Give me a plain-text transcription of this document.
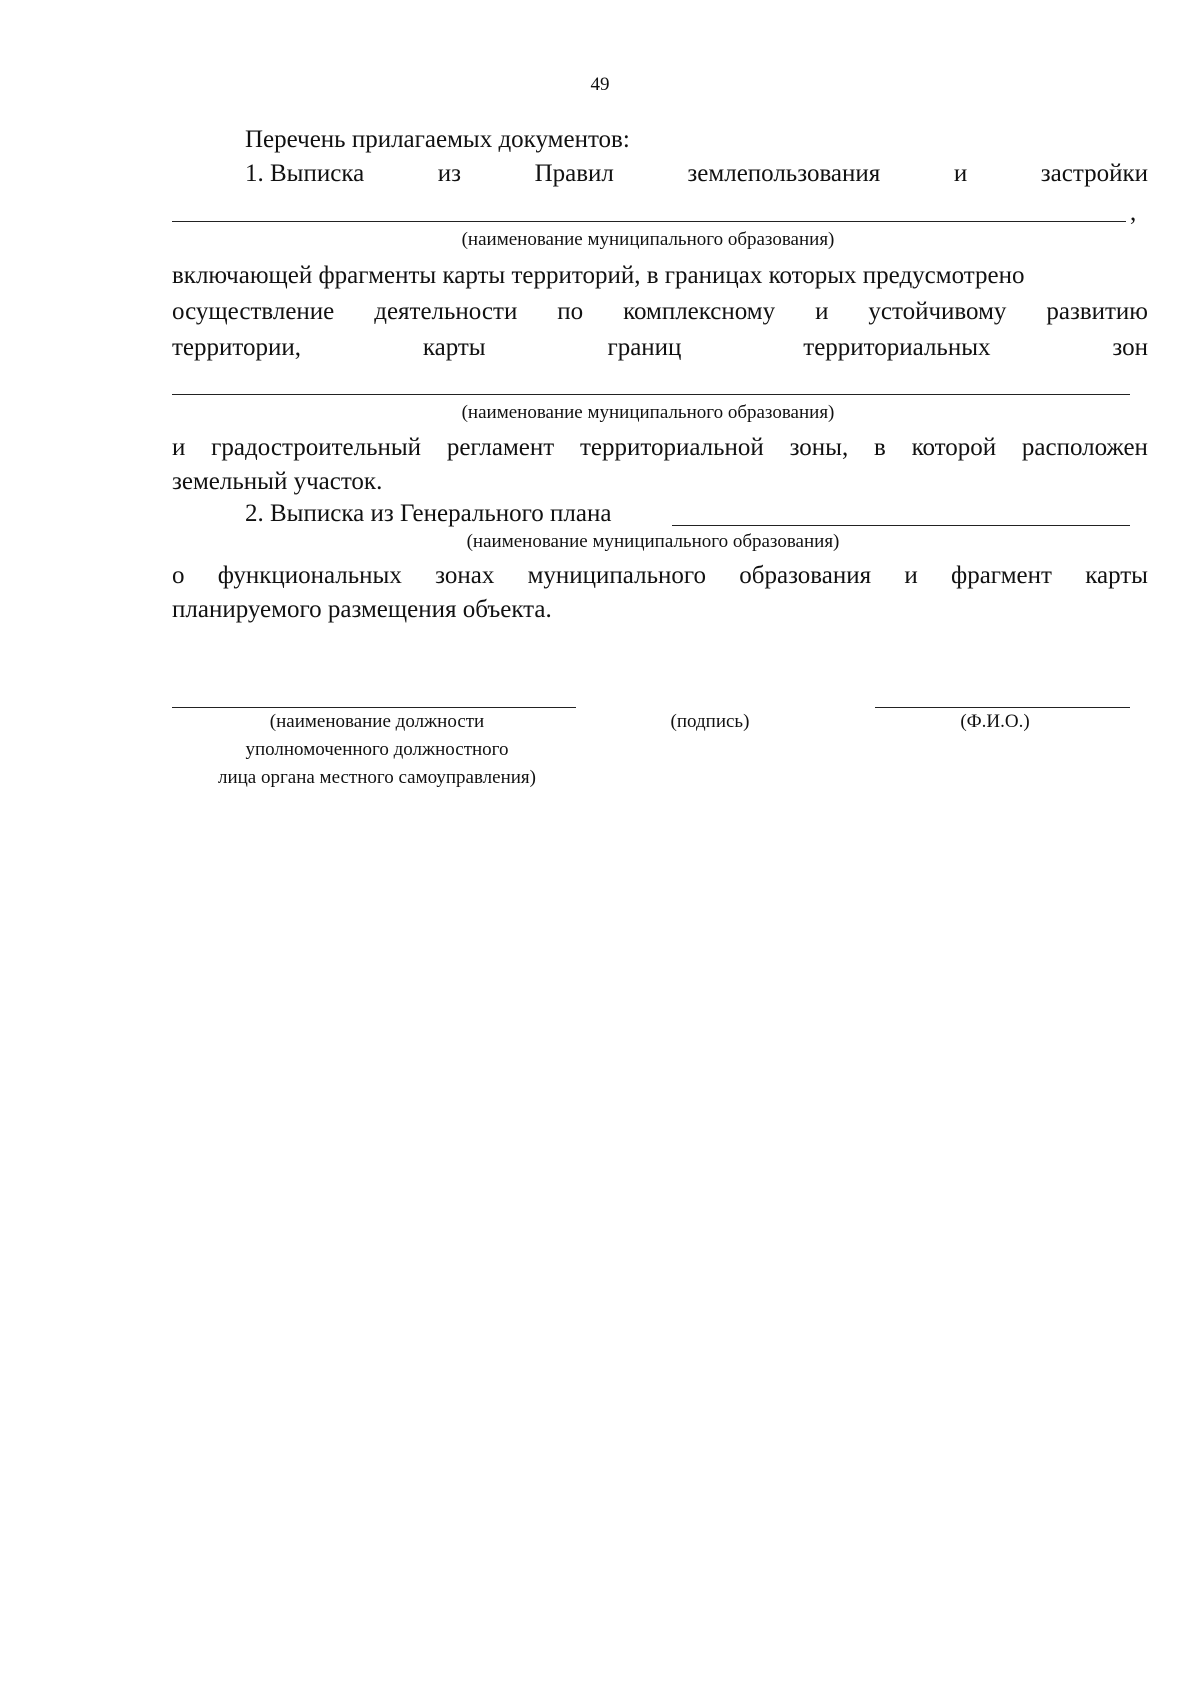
49
Перечень прилагаемых документов:
1. Выписка	из	Правил	землепользования	и	застройки
,
(наименование муниципального образования)
включающей фрагменты карты территорий, в границах которых предусмотрено
осуществление деятельности по комплексному и устойчивому развитию
территории,	карты	границ	территориальных	зон
(наименование муниципального образования)
и градостроительный регламент территориальной зоны, в которой расположен
земельный участок.
2. Выписка из Генерального плана
(наименование муниципального образования)
о функциональных зонах муниципального образования и фрагмент карты
планируемого размещения объекта.
(наименование должности
уполномоченного должностного
лица органа местного самоуправления)
(подпись)	(Ф.И.О.)
